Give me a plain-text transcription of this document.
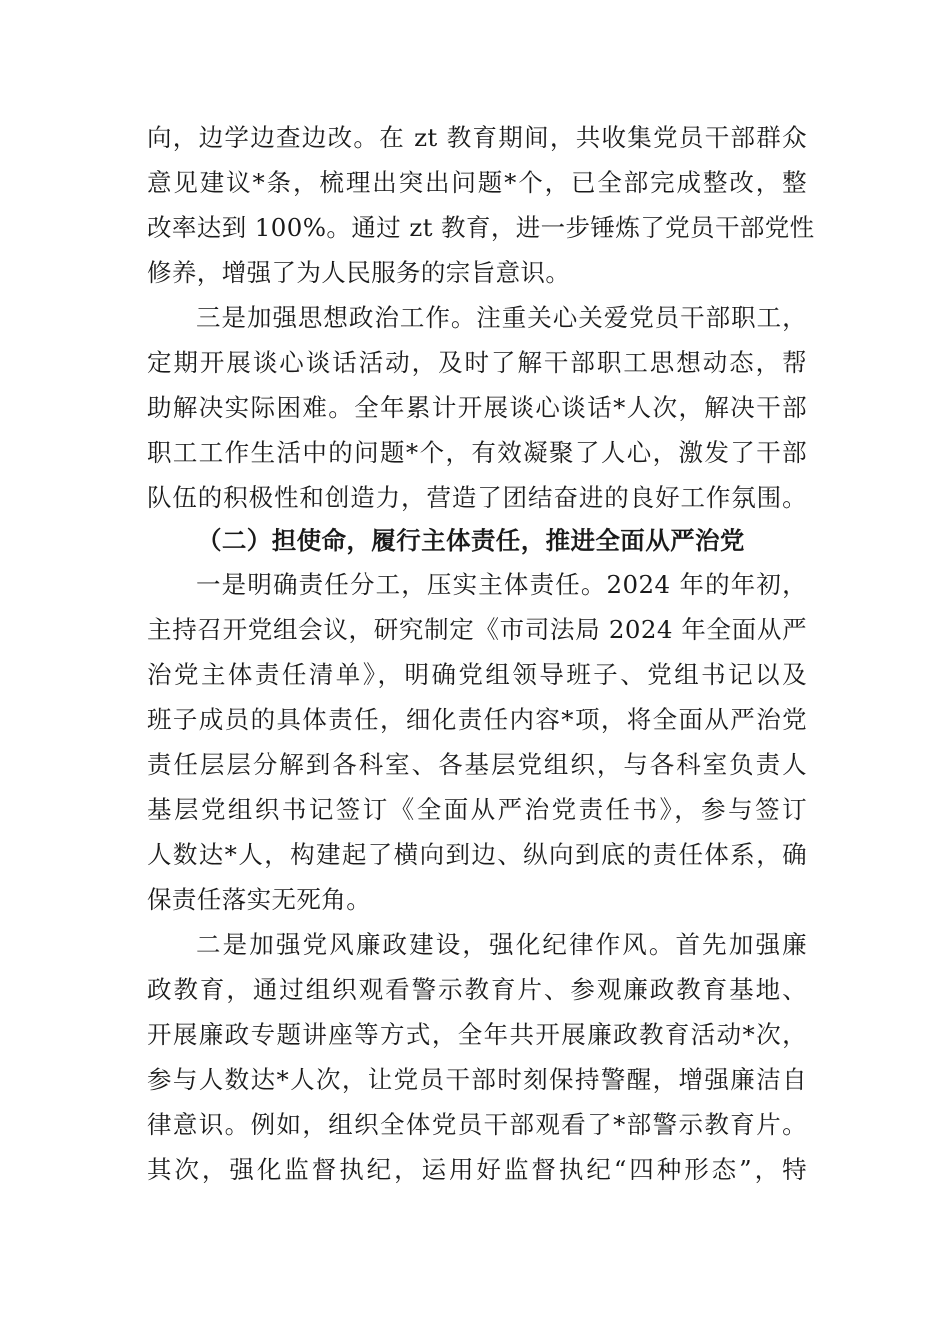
向，边学边查边改。在 zt 教育期间，共收集党员干部群众
意见建议*条，梳理出突出问题*个，已全部完成整改，整
改率达到 100%。通过 zt 教育，进一步锤炼了党员干部党性
修养，增强了为人民服务的宗旨意识。
三是加强思想政治工作。注重关心关爱党员干部职工，
定期开展谈心谈话活动，及时了解干部职工思想动态，帮
助解决实际困难。全年累计开展谈心谈话*人次，解决干部
职工工作生活中的问题*个，有效凝聚了人心，激发了干部
队伍的积极性和创造力，营造了团结奋进的良好工作氛围。
（二）担使命，履行主体责任，推进全面从严治党
一是明确责任分工，压实主体责任。2024 年的年初，
主持召开党组会议，研究制定《市司法局 2024 年全面从严
治党主体责任清单》，明确党组领导班子、党组书记以及
班子成员的具体责任，细化责任内容*项，将全面从严治党
责任层层分解到各科室、各基层党组织，与各科室负责人
基层党组织书记签订《全面从严治党责任书》，参与签订
人数达*人，构建起了横向到边、纵向到底的责任体系，确
保责任落实无死角。
二是加强党风廉政建设，强化纪律作风。首先加强廉
政教育，通过组织观看警示教育片、参观廉政教育基地、
开展廉政专题讲座等方式，全年共开展廉政教育活动*次，
参与人数达*人次，让党员干部时刻保持警醒，增强廉洁自
律意识。例如，组织全体党员干部观看了*部警示教育片。
其次，强化监督执纪，运用好监督执纪“四种形态”，特
